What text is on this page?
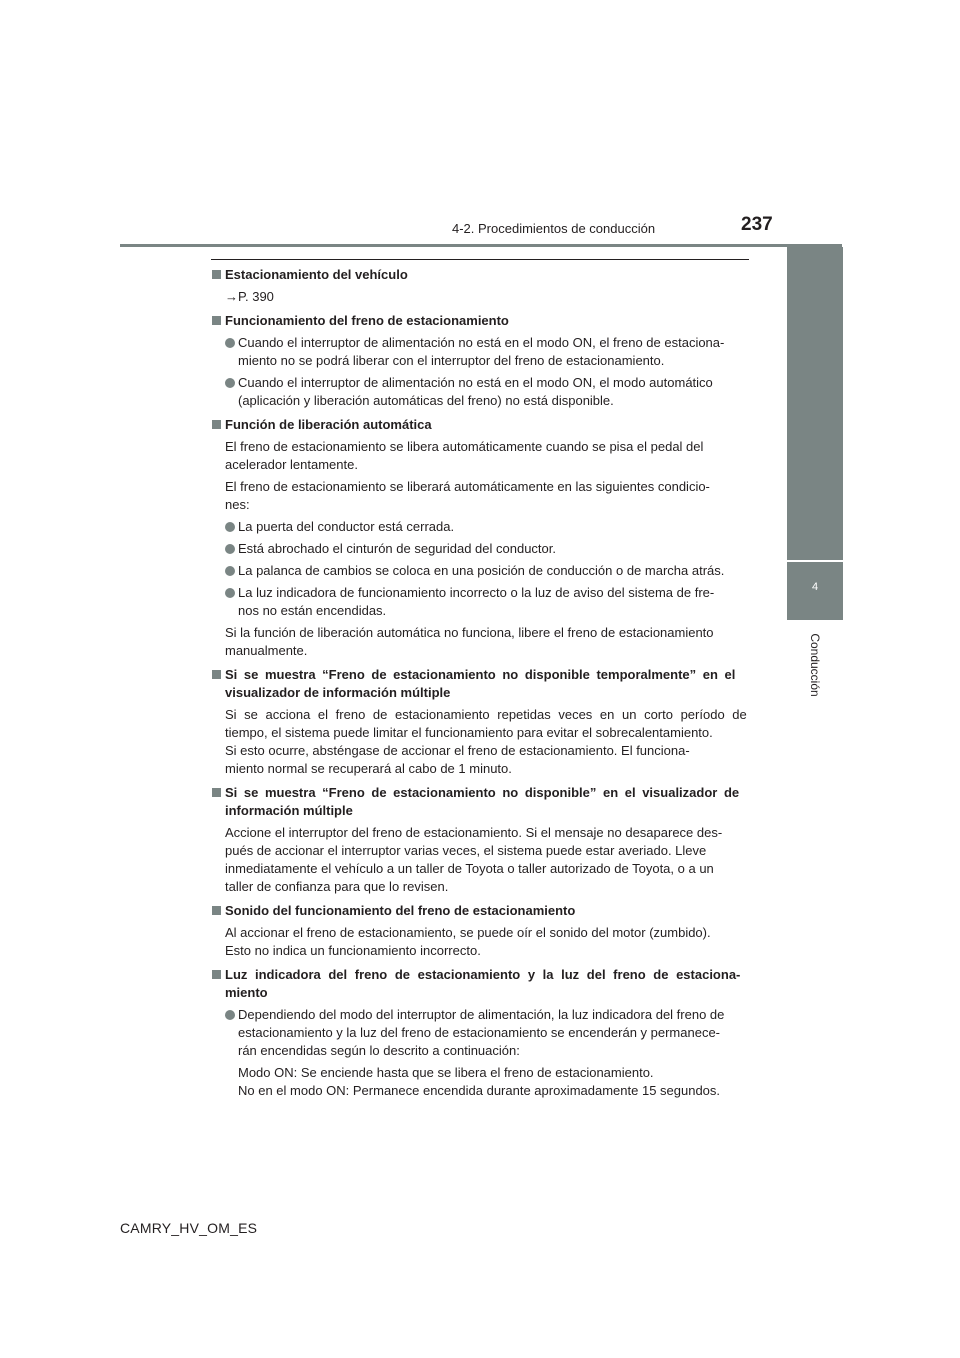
4-2. Procedimientos de conducción	237
4
Conducción
Estacionamiento del vehículo
→P. 390
Funcionamiento del freno de estacionamiento
Cuando el interruptor de alimentación no está en el modo ON, el freno de estaciona-
miento no se podrá liberar con el interruptor del freno de estacionamiento.
Cuando el interruptor de alimentación no está en el modo ON, el modo automático
(aplicación y liberación automáticas del freno) no está disponible.
Función de liberación automática
El freno de estacionamiento se libera automáticamente cuando se pisa el pedal del
acelerador lentamente.
El freno de estacionamiento se liberará automáticamente en las siguientes condicio-
nes:
La puerta del conductor está cerrada.
Está abrochado el cinturón de seguridad del conductor.
La palanca de cambios se coloca en una posición de conducción o de marcha atrás.
La luz indicadora de funcionamiento incorrecto o la luz de aviso del sistema de fre-
nos no están encendidas.
Si la función de liberación automática no funciona, libere el freno de estacionamiento
manualmente.
Si se muestra “Freno de estacionamiento no disponible temporalmente” en el
visualizador de información múltiple
Si se acciona el freno de estacionamiento repetidas veces en un corto período de
tiempo, el sistema puede limitar el funcionamiento para evitar el sobrecalentamiento.
Si esto ocurre, absténgase de accionar el freno de estacionamiento. El funciona-
miento normal se recuperará al cabo de 1 minuto.
Si se muestra “Freno de estacionamiento no disponible” en el visualizador de
información múltiple
Accione el interruptor del freno de estacionamiento. Si el mensaje no desaparece des-
pués de accionar el interruptor varias veces, el sistema puede estar averiado. Lleve
inmediatamente el vehículo a un taller de Toyota o taller autorizado de Toyota, o a un
taller de confianza para que lo revisen.
Sonido del funcionamiento del freno de estacionamiento
Al accionar el freno de estacionamiento, se puede oír el sonido del motor (zumbido).
Esto no indica un funcionamiento incorrecto.
Luz indicadora del freno de estacionamiento y la luz del freno de estaciona-
miento
Dependiendo del modo del interruptor de alimentación, la luz indicadora del freno de
estacionamiento y la luz del freno de estacionamiento se encenderán y permanece-
rán encendidas según lo descrito a continuación:
Modo ON: Se enciende hasta que se libera el freno de estacionamiento.
No en el modo ON: Permanece encendida durante aproximadamente 15 segundos.
CAMRY_HV_OM_ES
